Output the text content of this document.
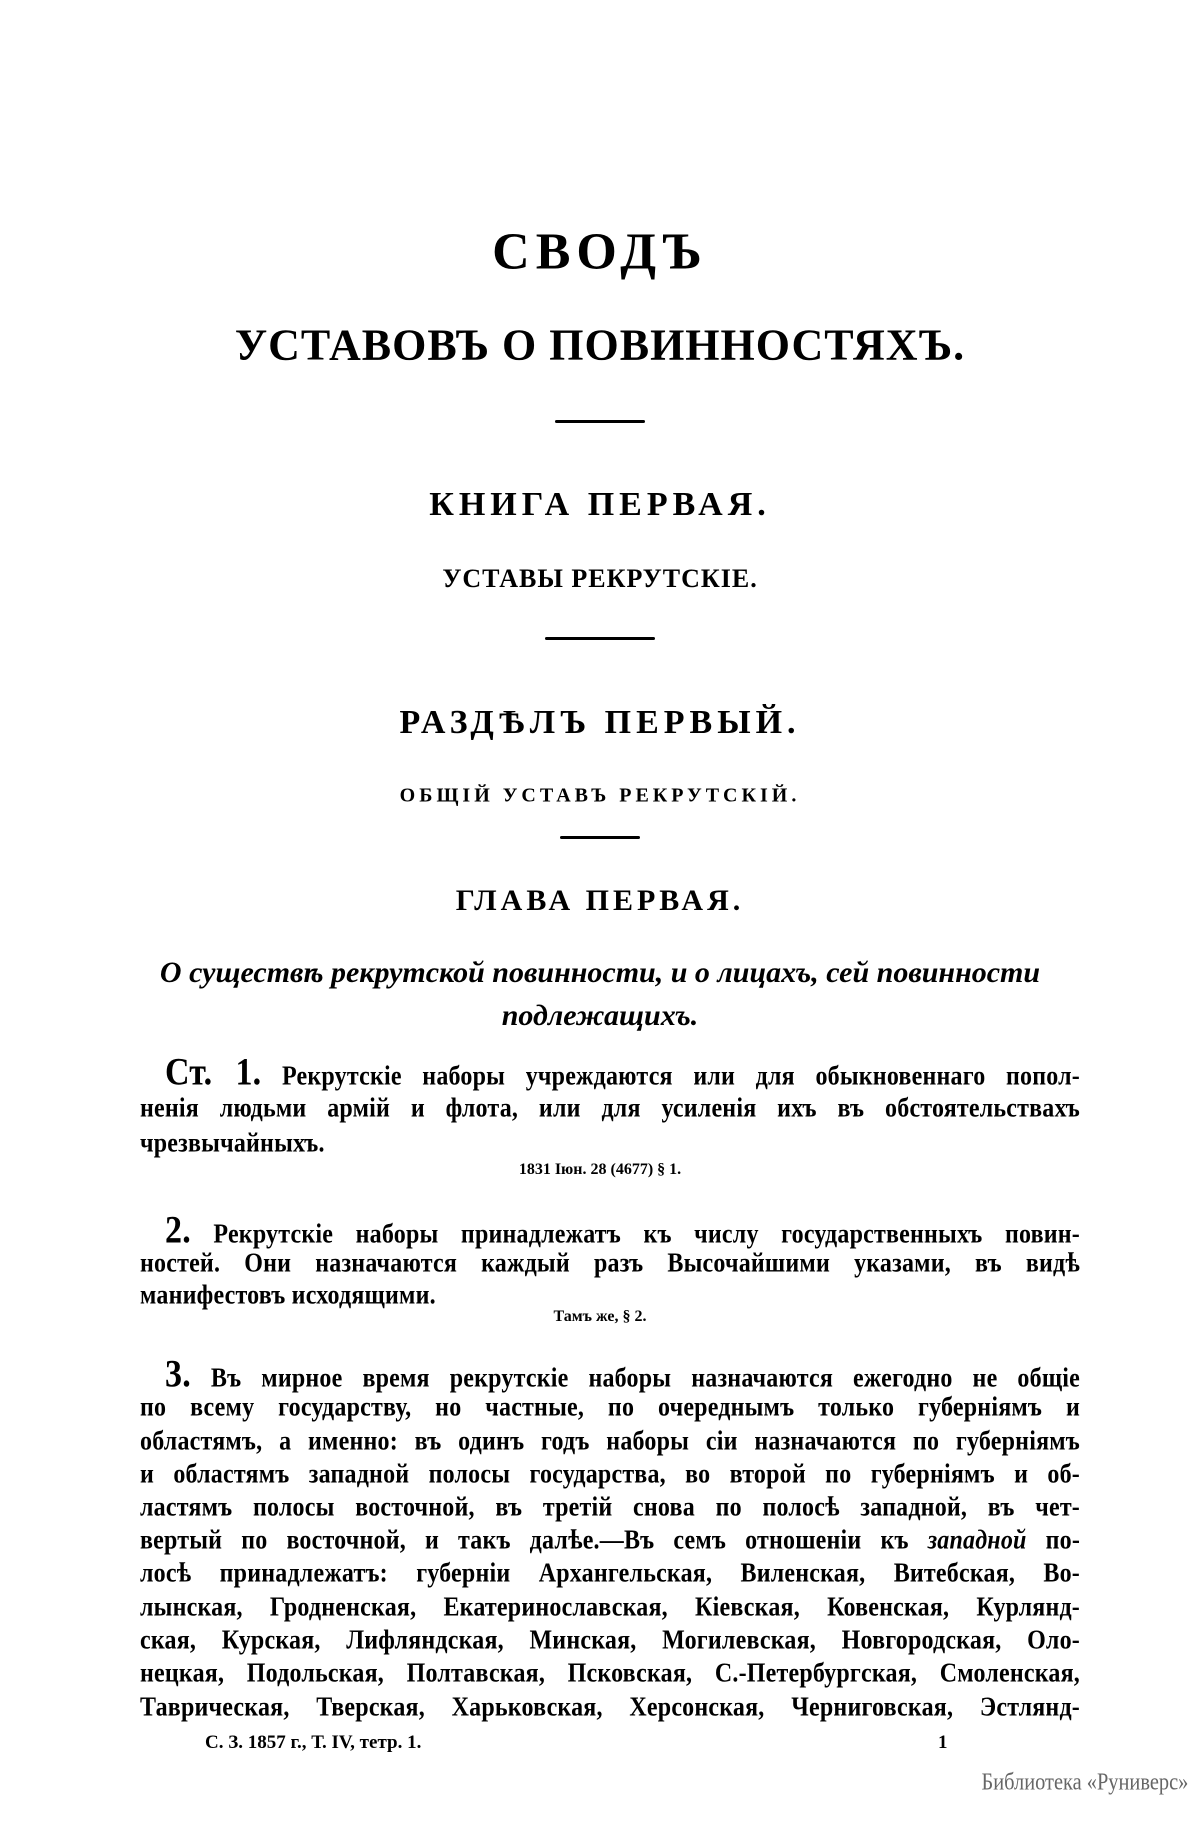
СВОДЪ
УСТАВОВЪ О ПОВИННОСТЯХЪ.
КНИГА ПЕРВАЯ.
УСТАВЫ РЕКРУТСКІЕ.
РАЗДѢЛЪ ПЕРВЫЙ.
ОБЩІЙ УСТАВЪ РЕКРУТСКІЙ.
ГЛАВА ПЕРВАЯ.
О существѣ рекрутской повинности, и о лицахъ, сей повинности
подлежащихъ.
Ст. 1. Рекрутскіе наборы учреждаются или для обыкновеннаго попол-
ненія людьми армій и флота, или для усиленія ихъ въ обстоятельствахъ
чрезвычайныхъ.
1831 Іюн. 28 (4677) § 1.
2. Рекрутскіе наборы принадлежатъ къ числу государственныхъ повин-
ностей. Они назначаются каждый разъ Высочайшими указами, въ видѣ
манифестовъ исходящими.
Тамъ же, § 2.
3. Въ мирное время рекрутскіе наборы назначаются ежегодно не общіе
по всему государству, но частные, по очереднымъ только губерніямъ и
областямъ, а именно: въ одинъ годъ наборы сіи назначаются по губерніямъ
и областямъ западной полосы государства, во второй по губерніямъ и об-
ластямъ полосы восточной, въ третій снова по полосѣ западной, въ чет-
вертый по восточной, и такъ далѣе.—Въ семъ отношеніи къ западной по-
лосѣ принадлежатъ: губерніи Архангельская, Виленская, Витебская, Во-
лынская, Гродненская, Екатеринославская, Кіевская, Ковенская, Курлянд-
ская, Курская, Лифляндская, Минская, Могилевская, Новгородская, Оло-
нецкая, Подольская, Полтавская, Псковская, С.-Петербургская, Смоленская,
Таврическая, Тверская, Харьковская, Херсонская, Черниговская, Эстлянд-
С. З. 1857 г., Т. IV, тетр. 1.	1
Библиотека «Руниверс»
